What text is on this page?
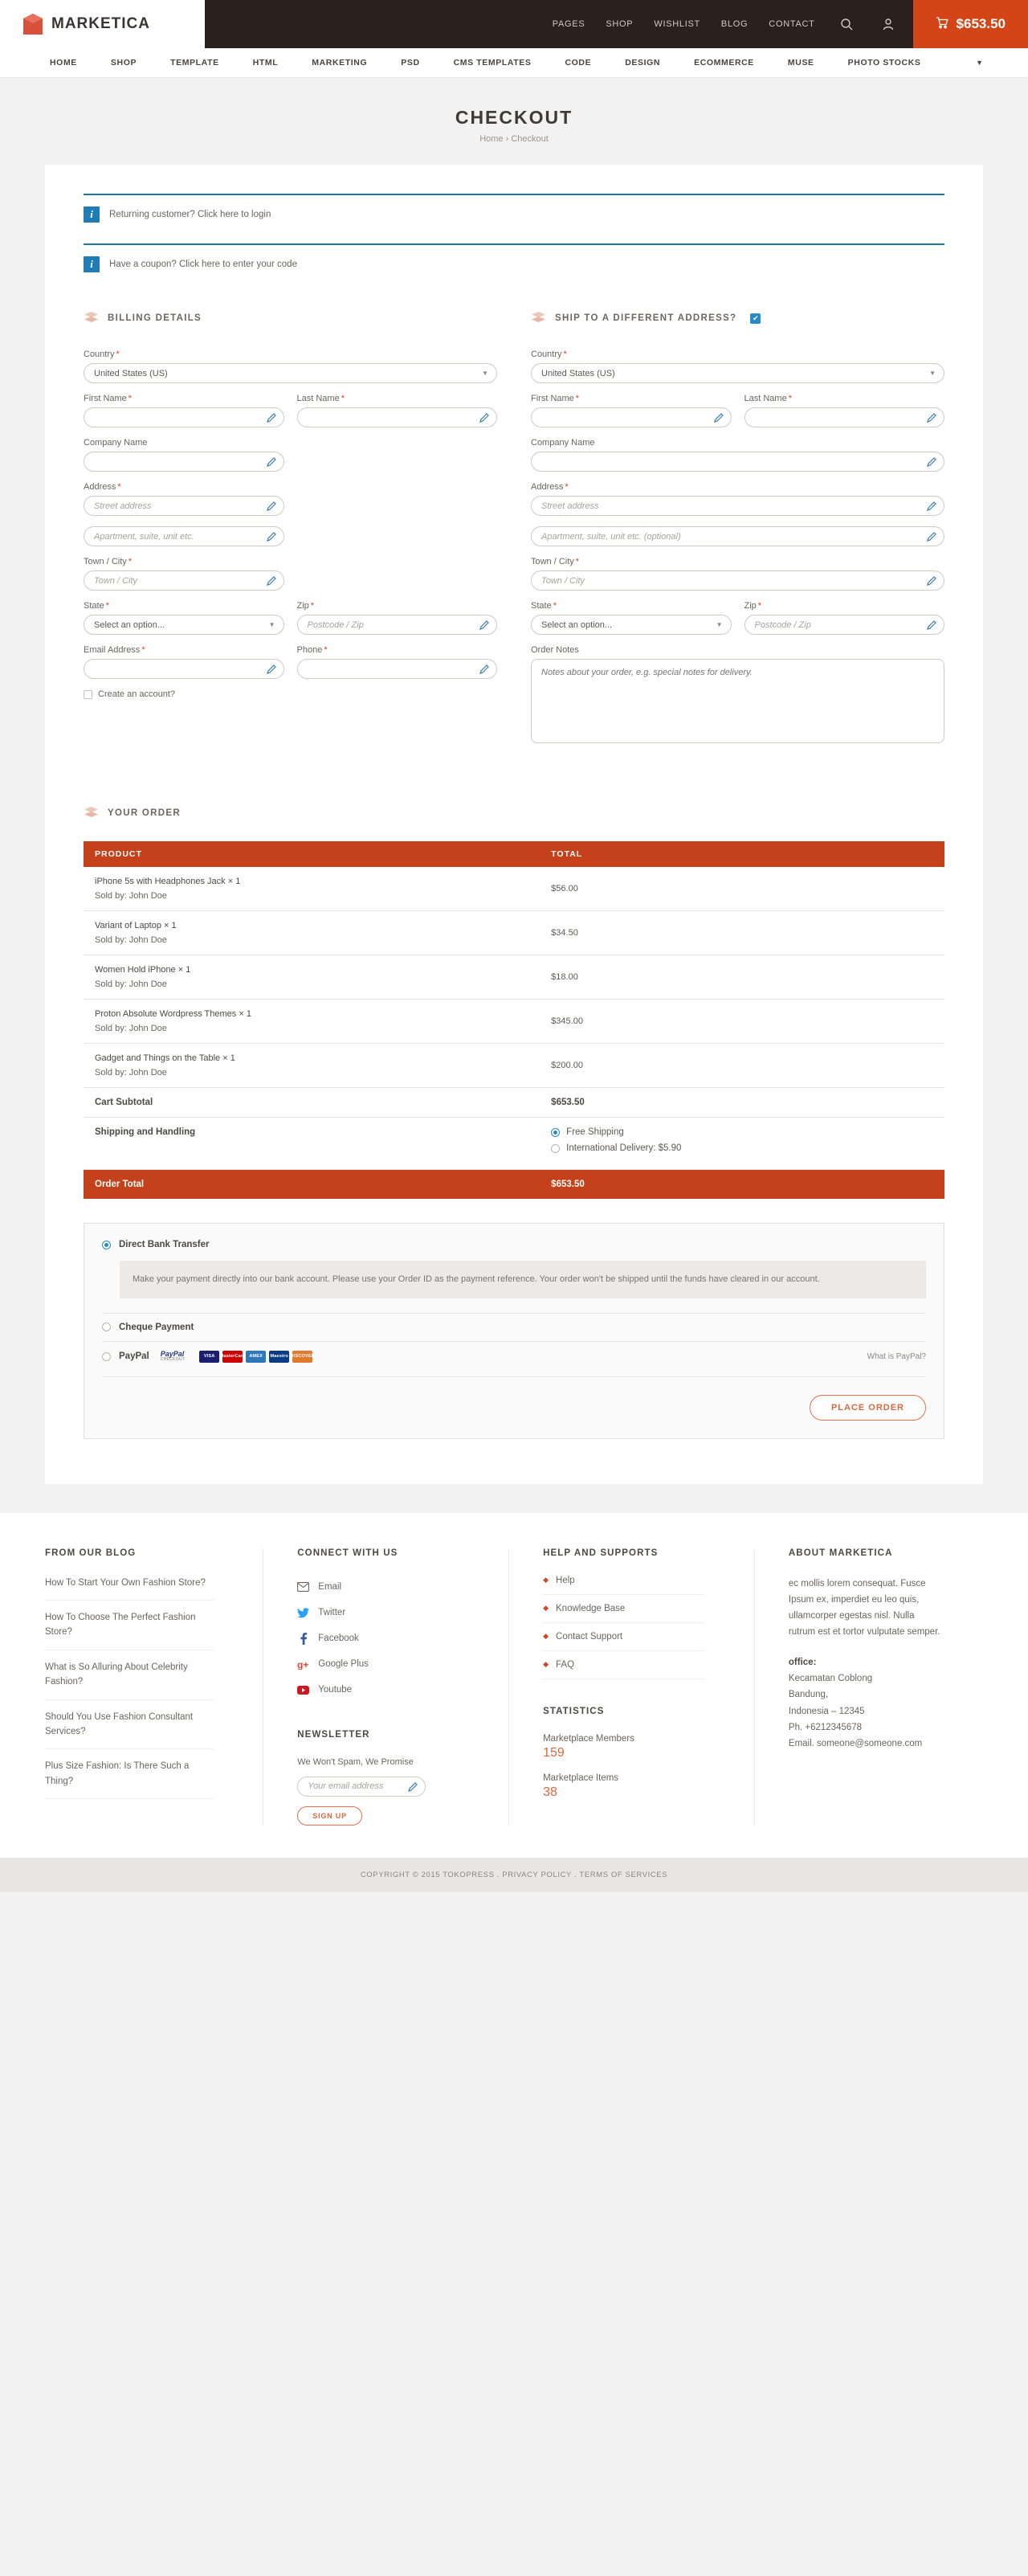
MARKETICA	PAGES SHOP WISHLIST BLOG CONTACT	$653.50
HOME	SHOP	TEMPLATE	HTML	MARKETING	PSD	CMS TEMPLATES	CODE	DESIGN	ECOMMERCE	MUSE	PHOTO STOCKS	▼
CHECKOUT
Home › Checkout
i	Returning customer? Click here to login
i	Have a coupon? Click here to enter your code
BILLING DETAILS
Country *
United States (US)
▼
First Name *	Last Name *
Company Name
Address *
Street address
Apartment, suite, unit etc.
Town / City *
Town / City
State *
Select an option...
▼
Zip *
Postcode / Zip
Email Address *	Phone *
Create an account?
SHIP TO A DIFFERENT ADDRESS?	✔
Country *
United States (US)
▼
First Name *	Last Name *
Company Name
Address *
Street address
Apartment, suite, unit etc. (optional)
Town / City *
Town / City
State *
Select an option...
▼
Zip *
Postcode / Zip
Order Notes
Notes about your order, e.g. special notes for delivery.
YOUR ORDER
PRODUCT	TOTAL

iPhone 5s with Headphones Jack × 1
Sold by: John Doe	$56.00

Variant of Laptop × 1
Sold by: John Doe	$34.50

Women Hold iPhone × 1
Sold by: John Doe	$18.00

Proton Absolute Wordpress Themes × 1
Sold by: John Doe	$345.00

Gadget and Things on the Table × 1
Sold by: John Doe	$200.00
Cart Subtotal	$653.50
Shipping and Handling	Free Shipping
International Delivery: $5.90

Order Total	$653.50
Direct Bank Transfer
Make your payment directly into our bank account. Please use your Order ID as the payment reference. Your order won't be shipped until the funds have cleared in our account.
Cheque Payment
PayPal PayPal
CHECKOUT
VISA	MasterCard AMEX	Maestro DISCOVER	What is PayPal?
PLACE ORDER
FROM OUR BLOG
How To Start Your Own Fashion Store?
How To Choose The Perfect Fashion Store?
What is So Alluring About Celebrity Fashion?
Should You Use Fashion Consultant Services?
Plus Size Fashion: Is There Such a Thing?
CONNECT WITH US
Email
Twitter
Facebook
g+ Google Plus
Youtube
NEWSLETTER
We Won't Spam, We Promise
Your email address
SIGN UP
HELP AND SUPPORTS
◆ Help
◆ Knowledge Base
◆ Contact Support
◆ FAQ
STATISTICS
Marketplace Members
159
Marketplace Items
38
ABOUT MARKETICA

ec mollis lorem consequat. Fusce Ipsum ex, imperdiet eu leo quis, ullamcorper egestas nisl. Nulla rutrum est et tortor vulputate semper.

office:
Kecamatan Coblong
Bandung,
Indonesia – 12345
Ph. +6212345678
Email. someone@someone.com
COPYRIGHT © 2015 TOKOPRESS . PRIVACY POLICY . TERMS OF SERVICES
